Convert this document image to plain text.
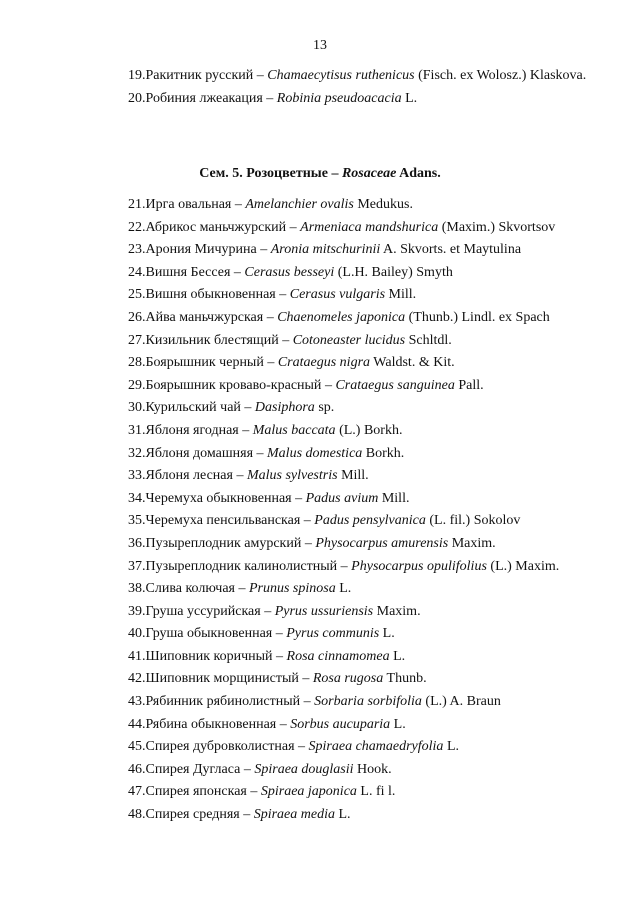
13
19. Ракитник русский – Chamaecytisus ruthenicus (Fisch. ex Wolosz.) Klaskova.
20. Робиния лжеакация – Robinia pseudoacacia L.
Сем. 5. Розоцветные – Rosaceae Adans.
21. Ирга овальная – Amelanchier ovalis Medukus.
22. Абрикос маньчжурский – Armeniaca mandshurica (Maxim.) Skvortsov
23. Арония Мичурина – Aronia mitschurinii A. Skvorts. et Maytulina
24. Вишня Бессея – Cerasus besseyi (L.H. Bailey) Smyth
25. Вишня обыкновенная – Cerasus vulgaris Mill.
26. Айва маньчжурская – Chaenomeles japonica (Thunb.) Lindl. ex Spach
27. Кизильник блестящий – Cotoneaster lucidus Schltdl.
28. Боярышник черный – Crataegus nigra Waldst. & Kit.
29. Боярышник кроваво-красный – Crataegus sanguinea Pall.
30. Курильский чай – Dasiphora sp.
31. Яблоня ягодная – Malus baccata (L.) Borkh.
32. Яблоня домашняя – Malus domestica Borkh.
33. Яблоня лесная – Malus sylvestris Mill.
34. Черемуха обыкновенная – Padus avium Mill.
35. Черемуха пенсильванская – Padus pensylvanica (L. fil.) Sokolov
36. Пузыреплодник амурский – Physocarpus amurensis Maxim.
37. Пузыреплодник калинолистный – Physocarpus opulifolius (L.) Maxim.
38. Слива колючая – Prunus spinosa L.
39. Груша уссурийская – Pyrus ussuriensis Maxim.
40. Груша обыкновенная – Pyrus communis L.
41. Шиповник коричный – Rosa cinnamomea L.
42. Шиповник морщинистый – Rosa rugosa Thunb.
43. Рябинник рябинолистный – Sorbaria sorbifolia (L.) A. Braun
44. Рябина обыкновенная – Sorbus aucuparia L.
45. Спирея дубровколистная – Spiraea chamaedryfolia L.
46. Спирея Дугласа – Spiraea douglasii Hook.
47. Спирея японская – Spiraea japonica L. fi l.
48. Спирея средняя – Spiraea media L.
